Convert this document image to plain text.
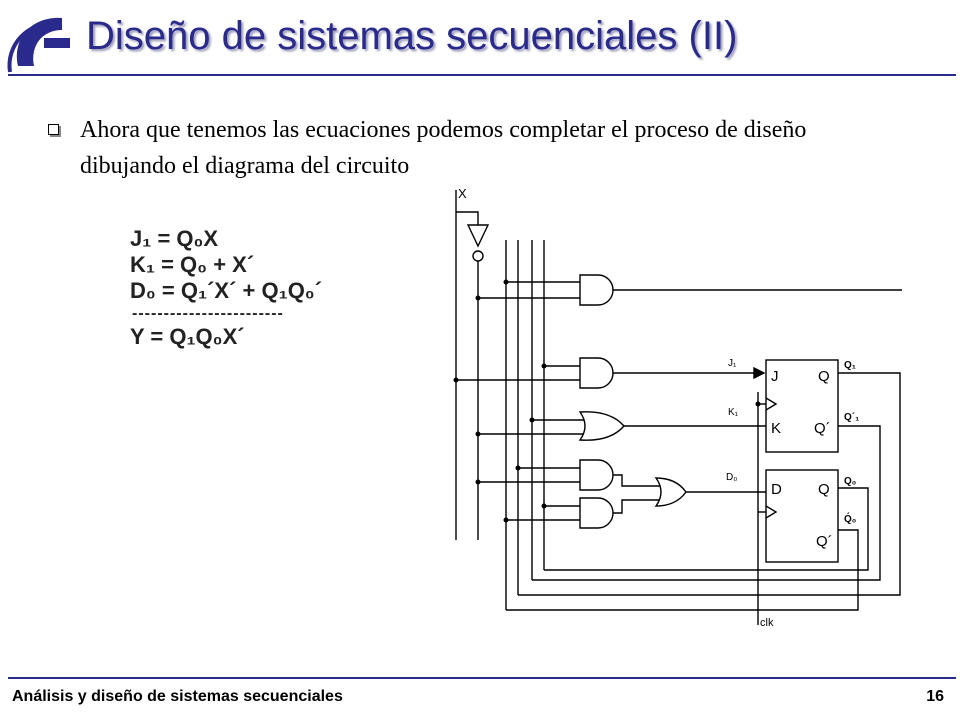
Diseño de sistemas secuenciales (II)

Ahora que tenemos las ecuaciones podemos completar el proceso de diseño dibujando el diagrama del circuito

J₁ = Q₀X
K₁ = Q₀ + X´
D₀ = Q₁´X´ + Q₁Q₀´
------------------------
Y = Q₁Q₀X´
X
clk
J₁
K₁
D₀
J
K
Q
Q´
Q₁
Q´₁
D Q
Q´
Q₀
Q́₀
Análisis y diseño de sistemas secuenciales	16
